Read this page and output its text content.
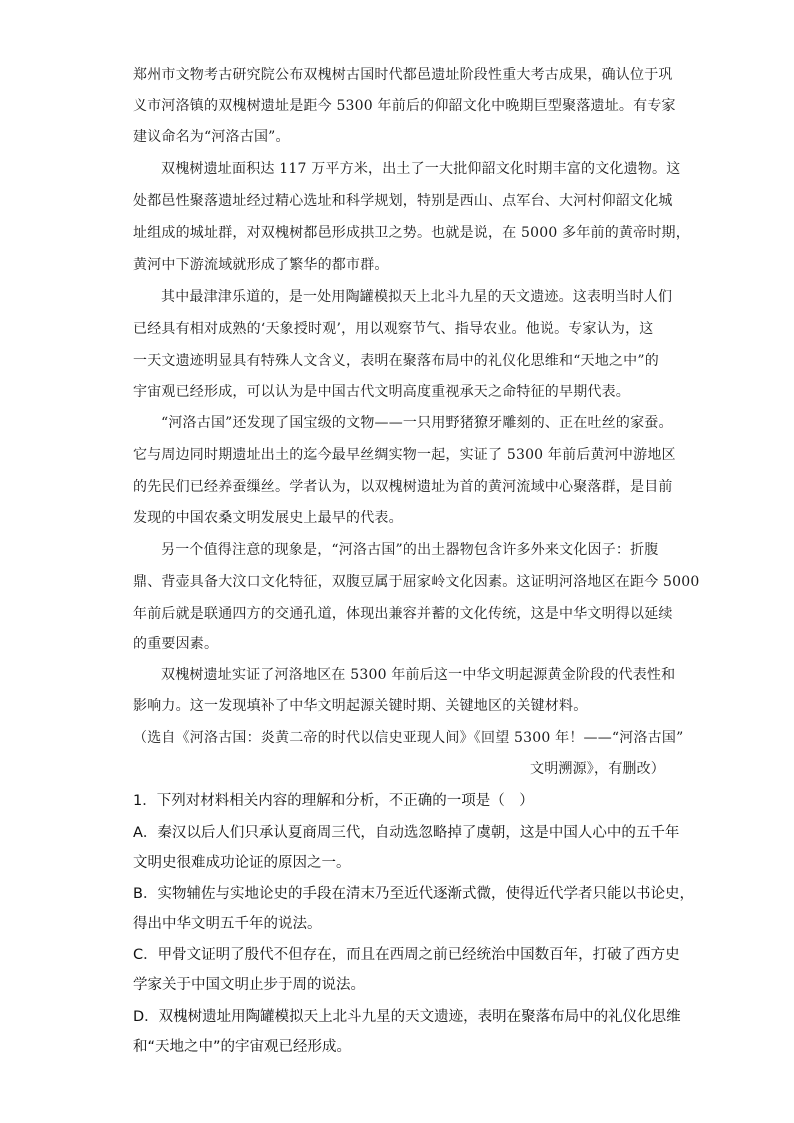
郑州市文物考古研究院公布双槐树古国时代都邑遗址阶段性重大考古成果，确认位于巩
义市河洛镇的双槐树遗址是距今 5300 年前后的仰韶文化中晚期巨型聚落遗址。有专家
建议命名为“河洛古国”。
双槐树遗址面积达 117 万平方米，出土了一大批仰韶文化时期丰富的文化遗物。这
处都邑性聚落遗址经过精心选址和科学规划，特别是西山、点军台、大河村仰韶文化城
址组成的城址群，对双槐树都邑形成拱卫之势。也就是说，在 5000 多年前的黄帝时期，
黄河中下游流域就形成了繁华的都市群。
其中最津津乐道的，是一处用陶罐模拟天上北斗九星的天文遗迹。这表明当时人们
已经具有相对成熟的‘天象授时观’，用以观察节气、指导农业。他说。专家认为，这
一天文遗迹明显具有特殊人文含义，表明在聚落布局中的礼仪化思维和“天地之中”的
宇宙观已经形成，可以认为是中国古代文明高度重视承天之命特征的早期代表。
“河洛古国”还发现了国宝级的文物——一只用野猪獠牙雕刻的、正在吐丝的家蚕。
它与周边同时期遗址出土的迄今最早丝绸实物一起，实证了 5300 年前后黄河中游地区
的先民们已经养蚕缫丝。学者认为，以双槐树遗址为首的黄河流域中心聚落群，是目前
发现的中国农桑文明发展史上最早的代表。
另一个值得注意的现象是，“河洛古国”的出土器物包含许多外来文化因子：折腹
鼎、背壶具备大汶口文化特征，双腹豆属于屈家岭文化因素。这证明河洛地区在距今 5000
年前后就是联通四方的交通孔道，体现出兼容并蓄的文化传统，这是中华文明得以延续
的重要因素。
双槐树遗址实证了河洛地区在 5300 年前后这一中华文明起源黄金阶段的代表性和
影响力。这一发现填补了中华文明起源关键时期、关键地区的关键材料。
（选自《河洛古国：炎黄二帝的时代以信史亚现人间》《回望 5300 年！——“河洛古国”
文明溯源》，有删改）
1．下列对材料相关内容的理解和分析，不正确的一项是（　）
A．秦汉以后人们只承认夏商周三代，自动选忽略掉了虞朝，这是中国人心中的五千年
文明史很难成功论证的原因之一。
B．实物辅佐与实地论史的手段在清末乃至近代逐渐式微，使得近代学者只能以书论史，
得出中华文明五千年的说法。
C．甲骨文证明了殷代不但存在，而且在西周之前已经统治中国数百年，打破了西方史
学家关于中国文明止步于周的说法。
D．双槐树遗址用陶罐模拟天上北斗九星的天文遗迹，表明在聚落布局中的礼仪化思维
和“天地之中”的宇宙观已经形成。
